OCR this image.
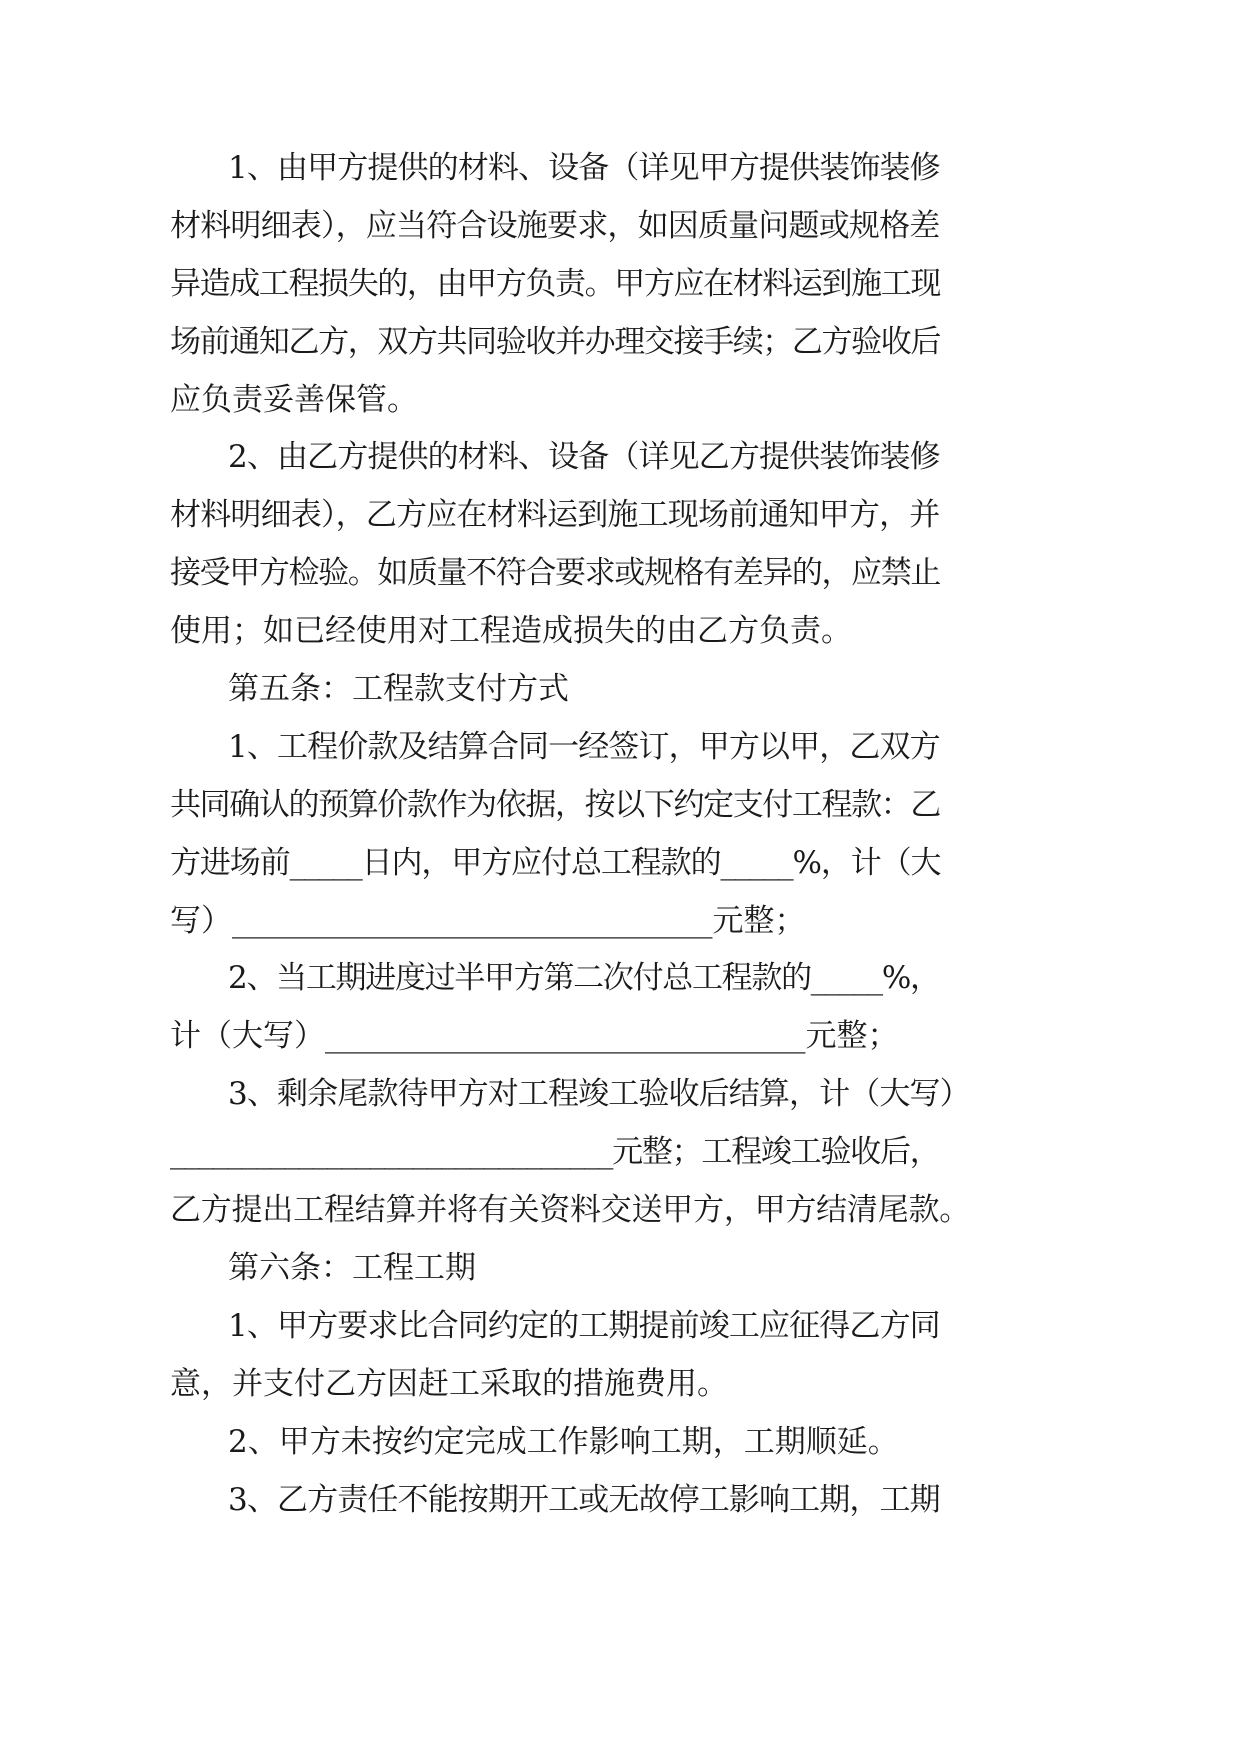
1、由甲方提供的材料、设备（详见甲方提供装饰装修
材料明细表），应当符合设施要求，如因质量问题或规格差
异造成工程损失的，由甲方负责。甲方应在材料运到施工现
场前通知乙方，双方共同验收并办理交接手续；乙方验收后
应负责妥善保管。
2、由乙方提供的材料、设备（详见乙方提供装饰装修
材料明细表），乙方应在材料运到施工现场前通知甲方，并
接受甲方检验。如质量不符合要求或规格有差异的，应禁止
使用；如已经使用对工程造成损失的由乙方负责。
第五条：工程款支付方式
1、工程价款及结算合同一经签订，甲方以甲，乙双方
共同确认的预算价款作为依据，按以下约定支付工程款：乙
方进场前_____日内，甲方应付总工程款的_____%，计（大
写）_______________________________元整；
2、当工期进度过半甲方第二次付总工程款的_____%，
计（大写）_______________________________元整；
3、剩余尾款待甲方对工程竣工验收后结算，计（大写）
_______________________________元整；工程竣工验收后，
乙方提出工程结算并将有关资料交送甲方，甲方结清尾款。
第六条：工程工期
1、甲方要求比合同约定的工期提前竣工应征得乙方同
意，并支付乙方因赶工采取的措施费用。
2、甲方未按约定完成工作影响工期，工期顺延。
3、乙方责任不能按期开工或无故停工影响工期，工期
